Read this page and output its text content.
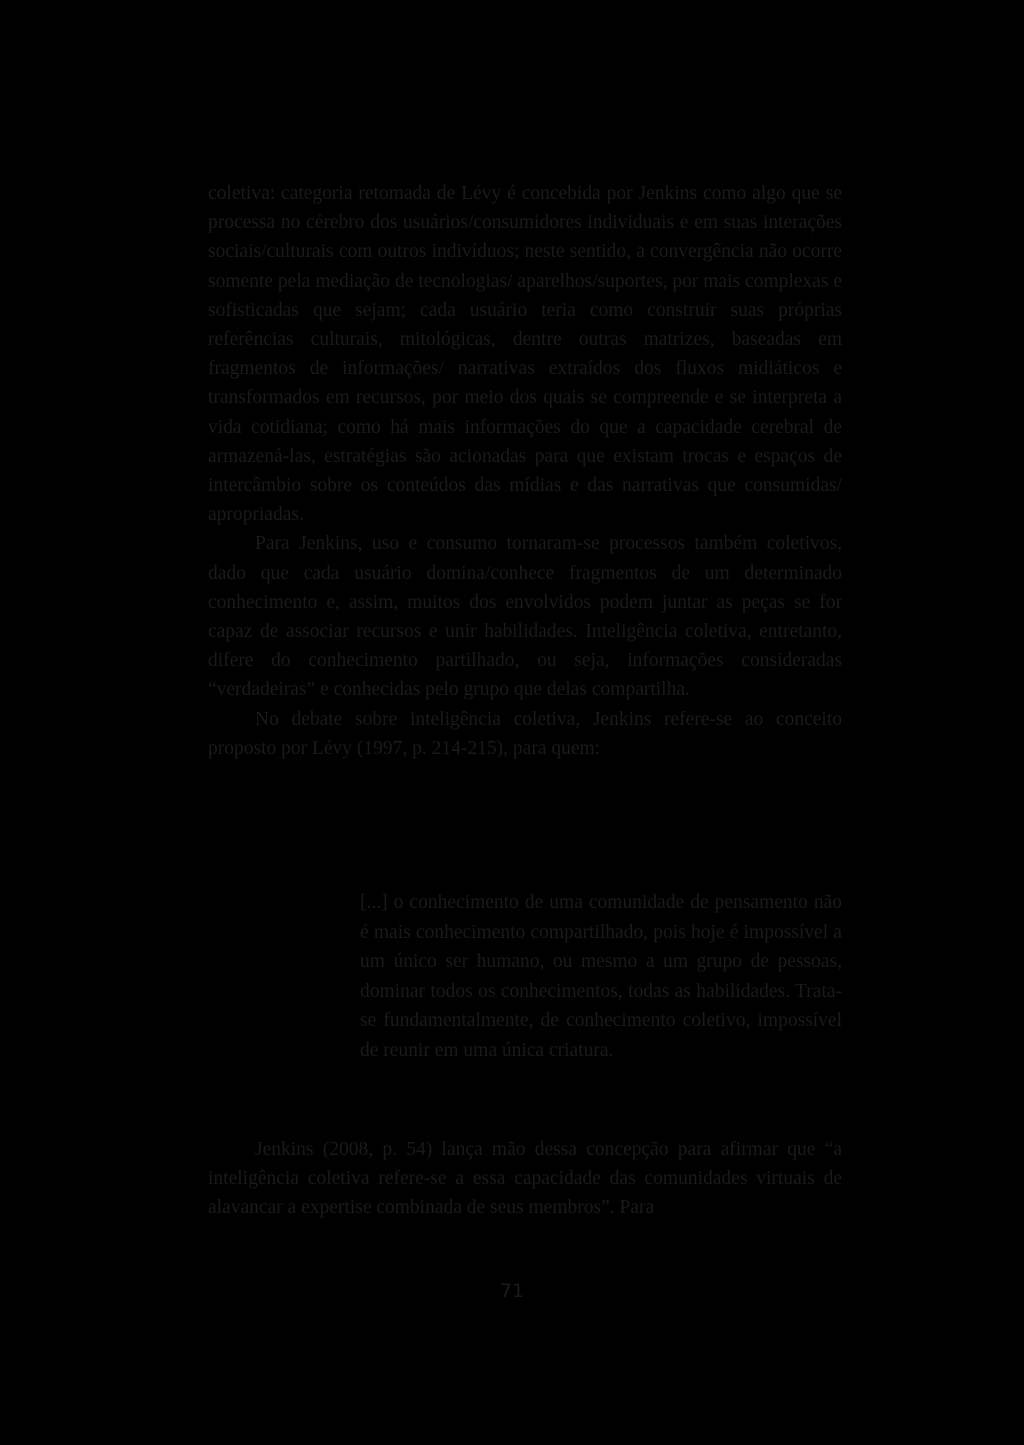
coletiva: categoria retomada de Lévy é concebida por Jenkins como algo que se processa no cérebro dos usuários/consumidores individuais e em suas interações sociais/culturais com outros indivíduos; neste sentido, a convergência não ocorre somente pela mediação de tecnologias/ aparelhos/suportes, por mais complexas e sofisticadas que sejam; cada usuário teria como construir suas próprias referências culturais, mitológicas, dentre outras matrizes, baseadas em fragmentos de informações/ narrativas extraídos dos fluxos midiáticos e transformados em recursos, por meio dos quais se compreende e se interpreta a vida cotidiana; como há mais informações do que a capacidade cerebral de armazená-las, estratégias são acionadas para que existam trocas e espaços de intercâmbio sobre os conteúdos das mídias e das narrativas que consumidas/ apropriadas.

Para Jenkins, uso e consumo tornaram-se processos também coletivos, dado que cada usuário domina/conhece fragmentos de um determinado conhecimento e, assim, muitos dos envolvidos podem juntar as peças se for capaz de associar recursos e unir habilidades. Inteligência coletiva, entretanto, difere do conhecimento partilhado, ou seja, informações consideradas “verdadeiras” e conhecidas pelo grupo que delas compartilha.

No debate sobre inteligência coletiva, Jenkins refere-se ao conceito proposto por Lévy (1997, p. 214-215), para quem:

[...] o conhecimento de uma comunidade de pensamento não é mais conhecimento compartilhado, pois hoje é impossível a um único ser humano, ou mesmo a um grupo de pessoas, dominar todos os conhecimentos, todas as habilidades. Trata-se fundamentalmente, de conhecimento coletivo, impossível de reunir em uma única criatura.

Jenkins (2008, p. 54) lança mão dessa concepção para afirmar que “a inteligência coletiva refere-se a essa capacidade das comunidades virtuais de alavancar a expertise combinada de seus membros”. Para

71
